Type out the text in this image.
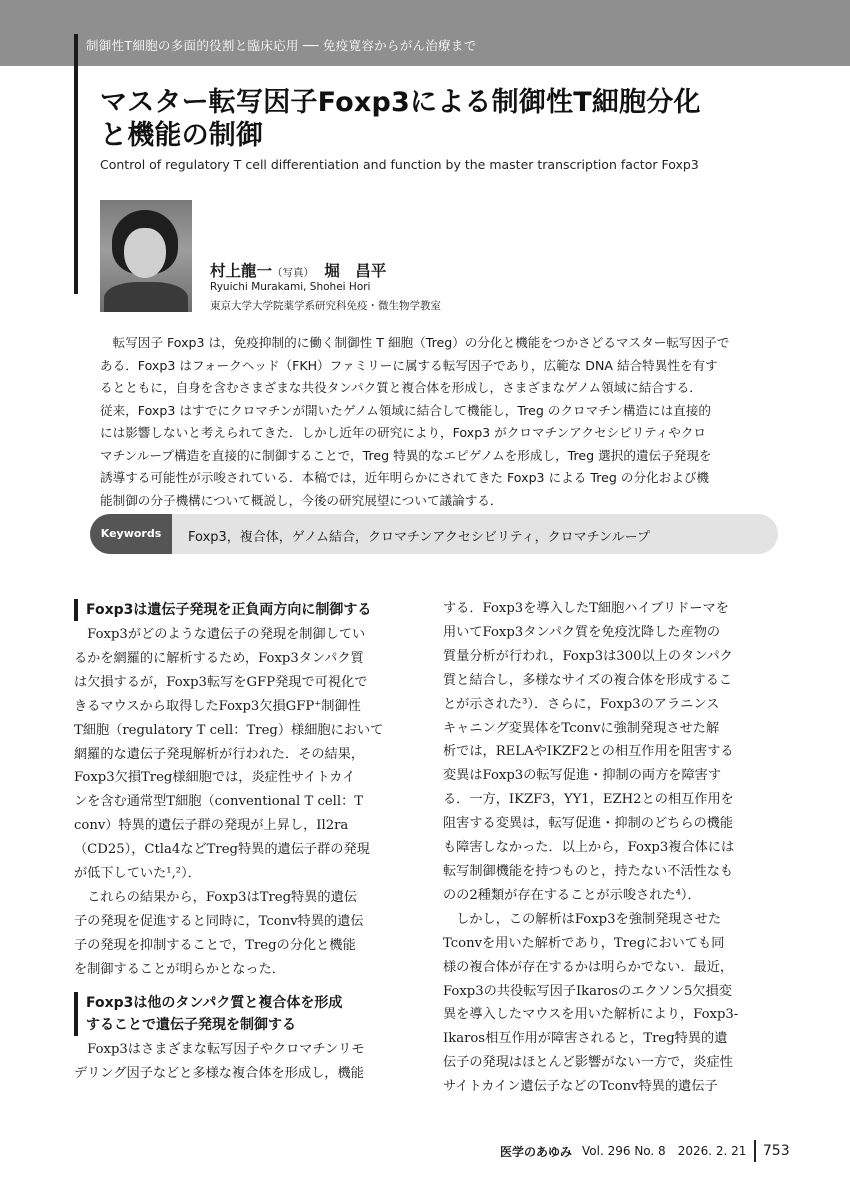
制御性T細胞の多面的役割と臨床応用 ── 免疫寛容からがん治療まで
マスター転写因子Foxp3による制御性T細胞分化
と機能の制御
Control of regulatory T cell differentiation and function by the master transcription factor Foxp3
村上龍一（写真）　堀　昌平
Ryuichi Murakami, Shohei Hori
東京大学大学院薬学系研究科免疫・微生物学教室

　転写因子 Foxp3 は，免疫抑制的に働く制御性 T 細胞（Treg）の分化と機能をつかさどるマスター転写因子で

ある．Foxp3 はフォークヘッド（FKH）ファミリーに属する転写因子であり，広範な DNA 結合特異性を有す

るとともに，自身を含むさまざまな共役タンパク質と複合体を形成し，さまざまなゲノム領域に結合する．

従来，Foxp3 はすでにクロマチンが開いたゲノム領域に結合して機能し，Treg のクロマチン構造には直接的

には影響しないと考えられてきた．しかし近年の研究により，Foxp3 がクロマチンアクセシビリティやクロ

マチンループ構造を直接的に制御することで，Treg 特異的なエピゲノムを形成し，Treg 選択的遺伝子発現を

誘導する可能性が示唆されている．本稿では，近年明らかにされてきた Foxp3 による Treg の分化および機

能制御の分子機構について概説し，今後の研究展望について議論する．

Keywords	Foxp3，複合体，ゲノム結合，クロマチンアクセシビリティ，クロマチンループ
Foxp3は遺伝子発現を正負両方向に制御する
　Foxp3がどのような遺伝子の発現を制御してい
るかを網羅的に解析するため，Foxp3タンパク質
は欠損するが，Foxp3転写をGFP発現で可視化で
きるマウスから取得したFoxp3欠損GFP⁺制御性
T細胞（regulatory T cell：Treg）様細胞において
網羅的な遺伝子発現解析が行われた．その結果，
Foxp3欠損Treg様細胞では，炎症性サイトカイ
ンを含む通常型T細胞（conventional T cell：T
conv）特異的遺伝子群の発現が上昇し，Il2ra
（CD25），Ctla4などTreg特異的遺伝子群の発現
が低下していた¹,²）．
　これらの結果から，Foxp3はTreg特異的遺伝
子の発現を促進すると同時に，Tconv特異的遺伝
子の発現を抑制することで，Tregの分化と機能
を制御することが明らかとなった．
Foxp3は他のタンパク質と複合体を形成
することで遺伝子発現を制御する
　Foxp3はさまざまな転写因子やクロマチンリモ
デリング因子などと多様な複合体を形成し，機能
する．Foxp3を導入したT細胞ハイブリドーマを
用いてFoxp3タンパク質を免疫沈降した産物の
質量分析が行われ，Foxp3は300以上のタンパク
質と結合し，多様なサイズの複合体を形成するこ
とが示された³）．さらに，Foxp3のアラニンス
キャニング変異体をTconvに強制発現させた解
析では，RELAやIKZF2との相互作用を阻害する
変異はFoxp3の転写促進・抑制の両方を障害す
る．一方，IKZF3，YY1，EZH2との相互作用を
阻害する変異は，転写促進・抑制のどちらの機能
も障害しなかった．以上から，Foxp3複合体には
転写制御機能を持つものと，持たない不活性なも
のの2種類が存在することが示唆された⁴）．
　しかし，この解析はFoxp3を強制発現させた
Tconvを用いた解析であり，Tregにおいても同
様の複合体が存在するかは明らかでない．最近，
Foxp3の共役転写因子Ikarosのエクソン5欠損変
異を導入したマウスを用いた解析により，Foxp3-
Ikaros相互作用が障害されると，Treg特異的遺
伝子の発現はほとんど影響がない一方で，炎症性
サイトカイン遺伝子などのTconv特異的遺伝子
医学のあゆみ Vol. 296 No. 8 2026. 2. 21 753
